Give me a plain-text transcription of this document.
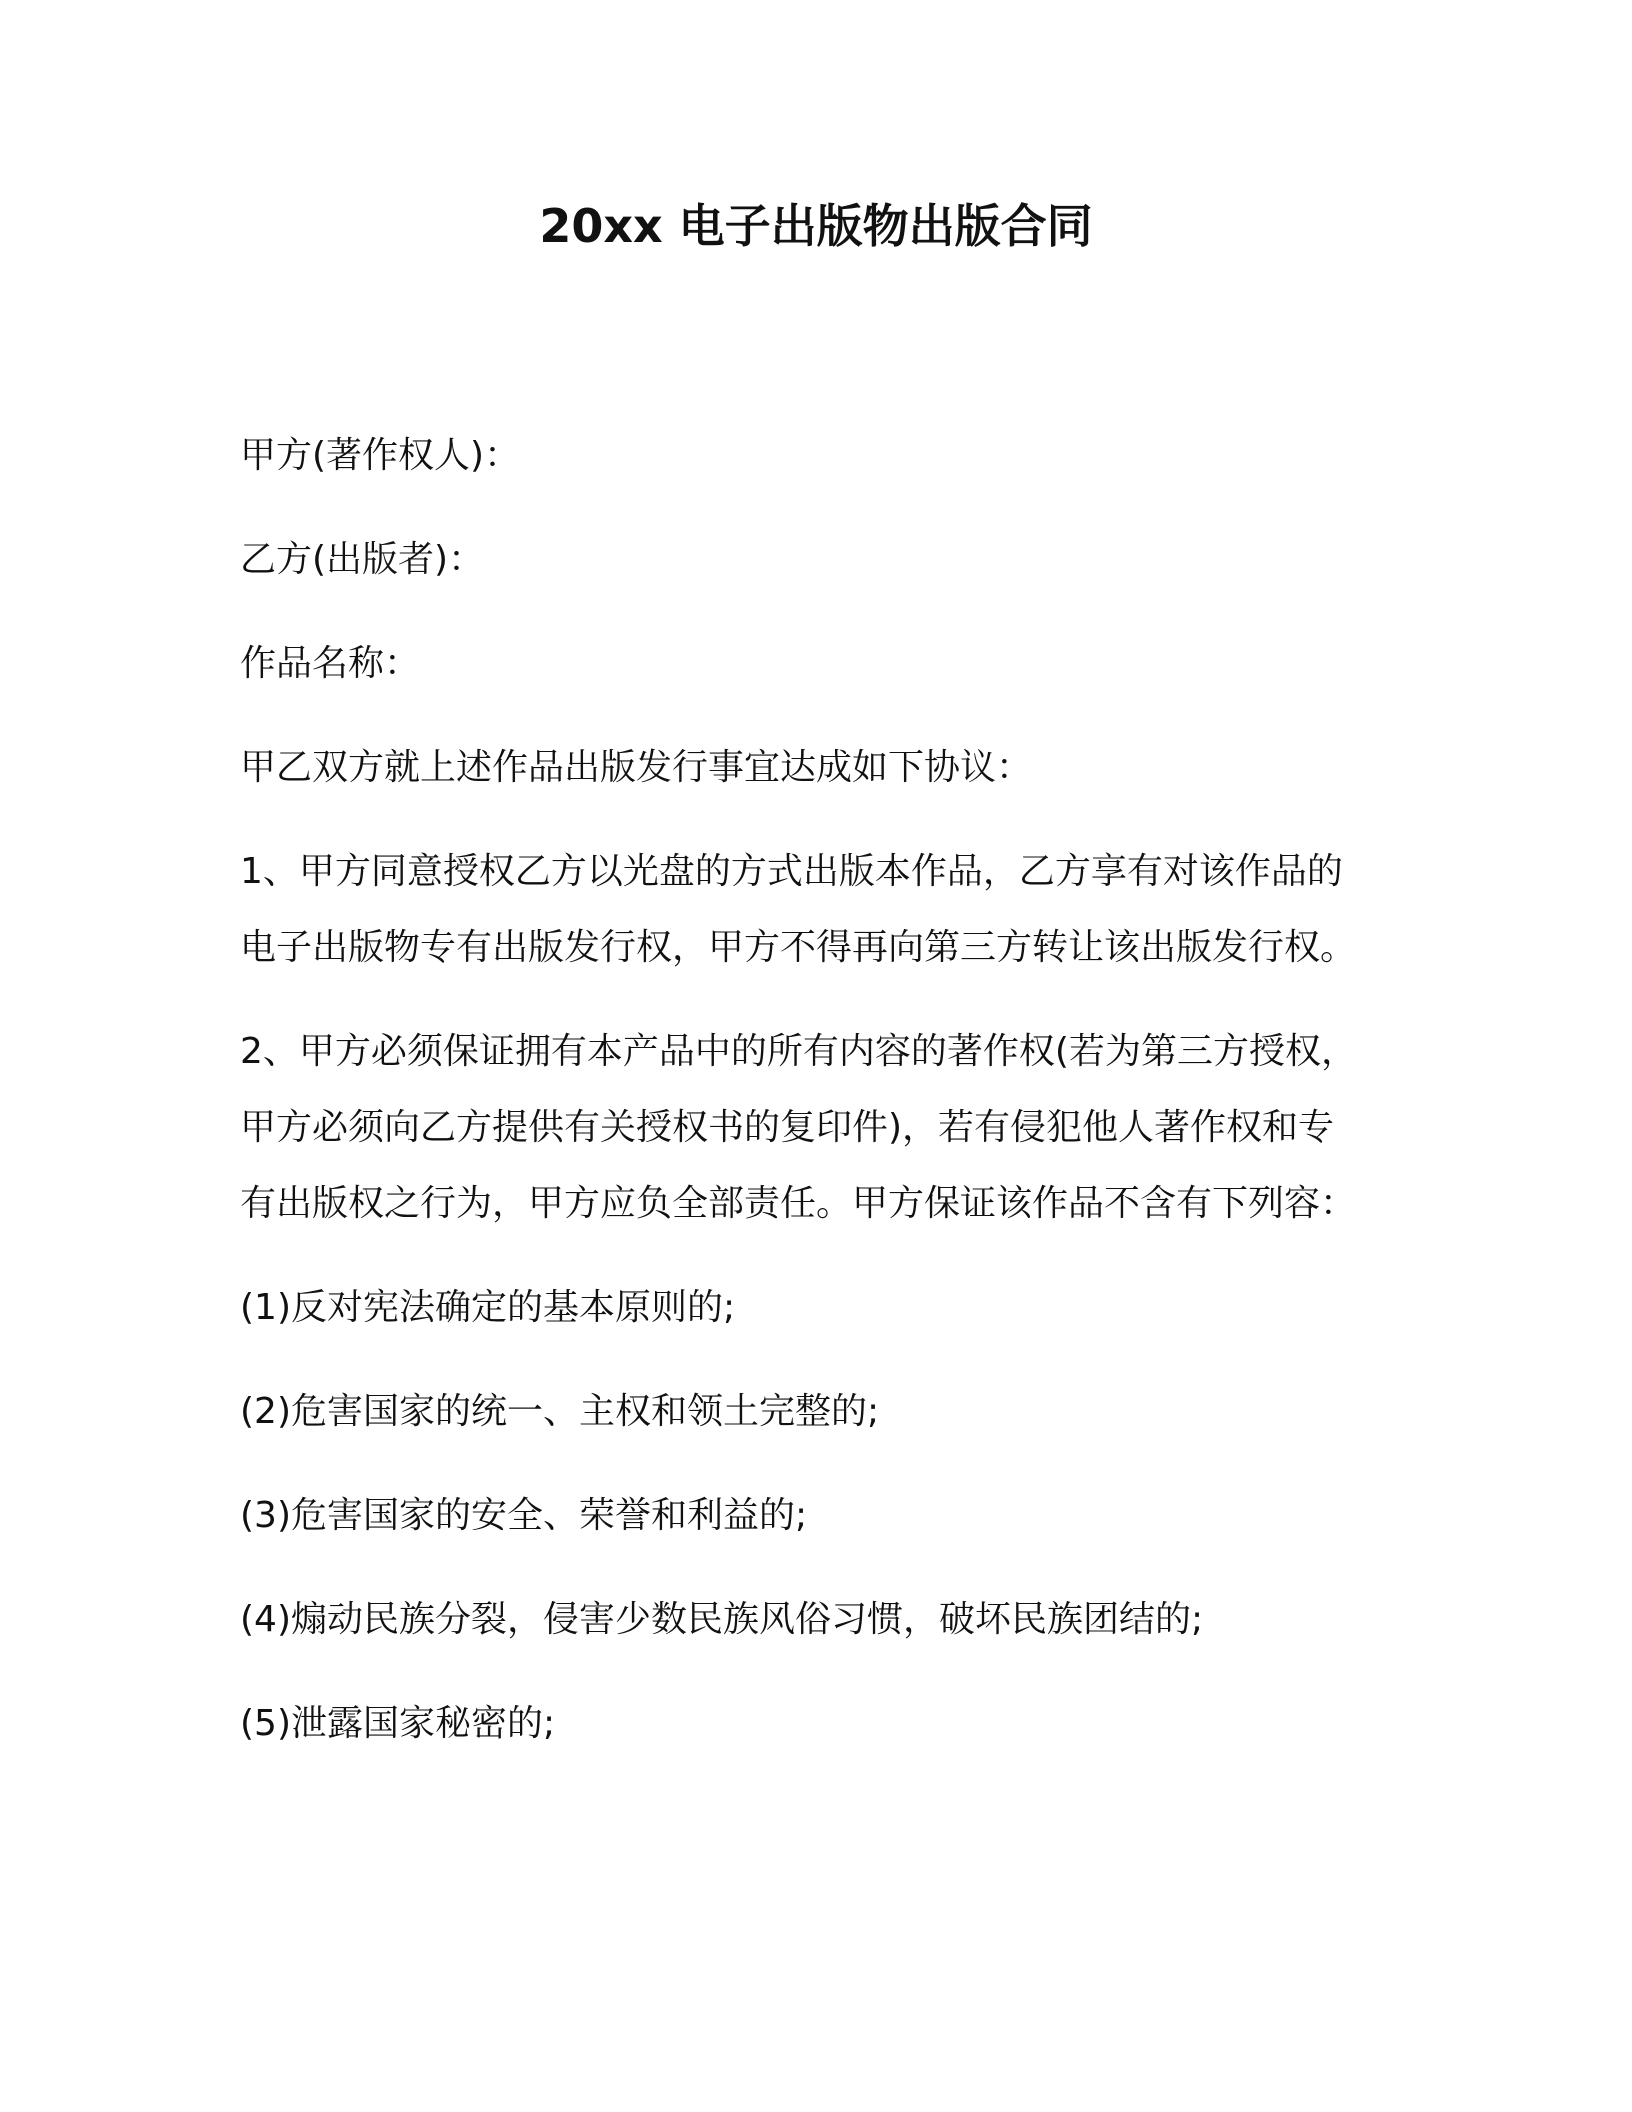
20xx 电子出版物出版合同
甲方(著作权人)：
乙方(出版者)：
作品名称：
甲乙双方就上述作品出版发行事宜达成如下协议：
1、甲方同意授权乙方以光盘的方式出版本作品，乙方享有对该作品的
电子出版物专有出版发行权，甲方不得再向第三方转让该出版发行权。
2、甲方必须保证拥有本产品中的所有内容的著作权(若为第三方授权，
甲方必须向乙方提供有关授权书的复印件)，若有侵犯他人著作权和专
有出版权之行为，甲方应负全部责任。甲方保证该作品不含有下列容：
(1)反对宪法确定的基本原则的;
(2)危害国家的统一、主权和领土完整的;
(3)危害国家的安全、荣誉和利益的;
(4)煽动民族分裂，侵害少数民族风俗习惯，破坏民族团结的;
(5)泄露国家秘密的;
